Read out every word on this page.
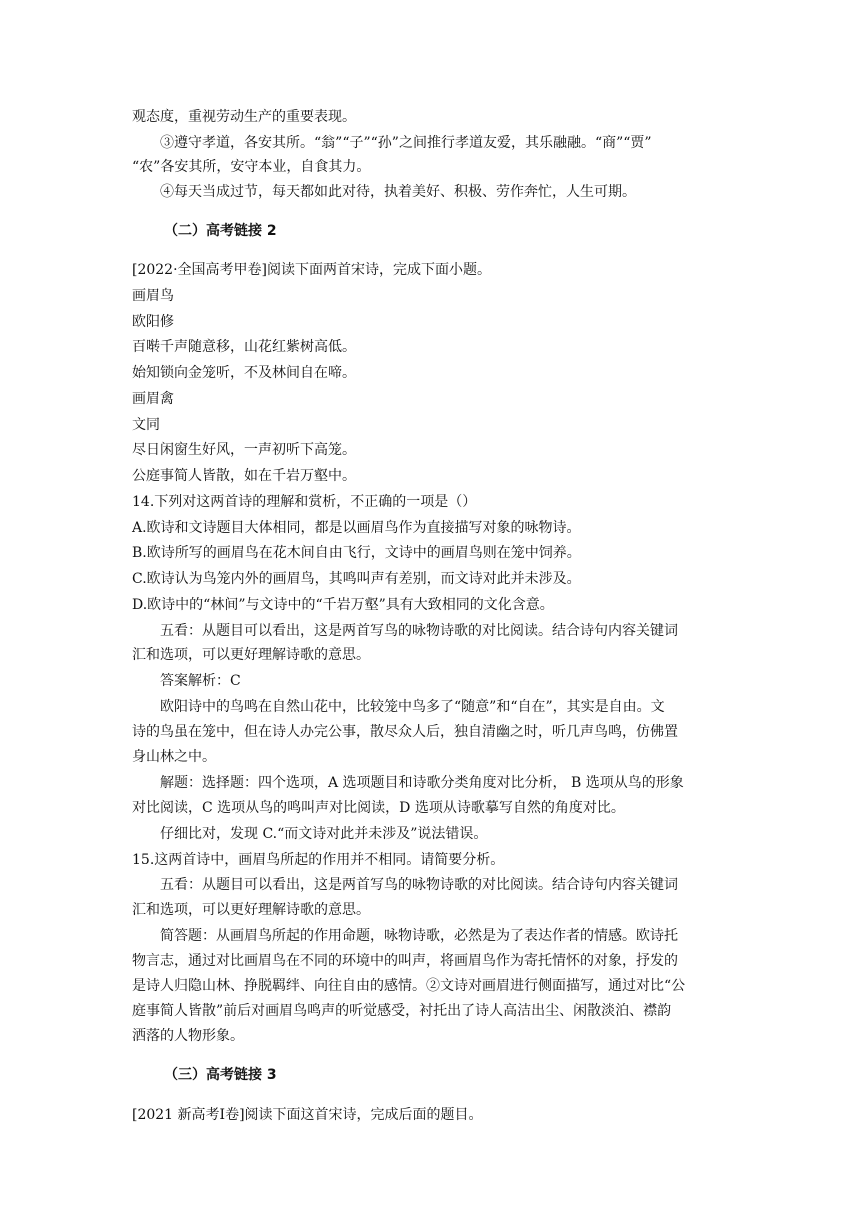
观态度，重视劳动生产的重要表现。
③遵守孝道，各安其所。“翁”“子”“孙”之间推行孝道友爱，其乐融融。“商”“贾”
“农”各安其所，安守本业，自食其力。
④每天当成过节，每天都如此对待，执着美好、积极、劳作奔忙，人生可期。
（二）高考链接 2
[2022·全国高考甲卷]阅读下面两首宋诗，完成下面小题。
画眉鸟
欧阳修
百啭千声随意移，山花红紫树高低。
始知锁向金笼听，不及林间自在啼。
画眉禽
文同
尽日闲窗生好风，一声初听下高笼。
公庭事简人皆散，如在千岩万壑中。
14.下列对这两首诗的理解和赏析，不正确的一项是（）
A.欧诗和文诗题目大体相同，都是以画眉鸟作为直接描写对象的咏物诗。
B.欧诗所写的画眉鸟在花木间自由飞行，文诗中的画眉鸟则在笼中饲养。
C.欧诗认为鸟笼内外的画眉鸟，其鸣叫声有差别，而文诗对此并未涉及。
D.欧诗中的“林间”与文诗中的“千岩万壑”具有大致相同的文化含意。
五看：从题目可以看出，这是两首写鸟的咏物诗歌的对比阅读。结合诗句内容关键词
汇和选项，可以更好理解诗歌的意思。
答案解析：C
欧阳诗中的鸟鸣在自然山花中，比较笼中鸟多了“随意”和“自在”，其实是自由。文
诗的鸟虽在笼中，但在诗人办完公事，散尽众人后，独自清幽之时，听几声鸟鸣，仿佛置
身山林之中。
解题：选择题：四个选项，A 选项题目和诗歌分类角度对比分析， B 选项从鸟的形象
对比阅读，C 选项从鸟的鸣叫声对比阅读，D 选项从诗歌摹写自然的角度对比。
仔细比对，发现 C.“而文诗对此并未涉及”说法错误。
15.这两首诗中，画眉鸟所起的作用并不相同。请简要分析。
五看：从题目可以看出，这是两首写鸟的咏物诗歌的对比阅读。结合诗句内容关键词
汇和选项，可以更好理解诗歌的意思。
简答题：从画眉鸟所起的作用命题，咏物诗歌，必然是为了表达作者的情感。欧诗托
物言志，通过对比画眉鸟在不同的环境中的叫声，将画眉鸟作为寄托情怀的对象，抒发的
是诗人归隐山林、挣脱羁绊、向往自由的感情。②文诗对画眉进行侧面描写，通过对比“公
庭事简人皆散”前后对画眉鸟鸣声的听觉感受，衬托出了诗人高洁出尘、闲散淡泊、襟韵
洒落的人物形象。
（三）高考链接 3
[2021 新高考Ⅰ卷]阅读下面这首宋诗，完成后面的题目。
